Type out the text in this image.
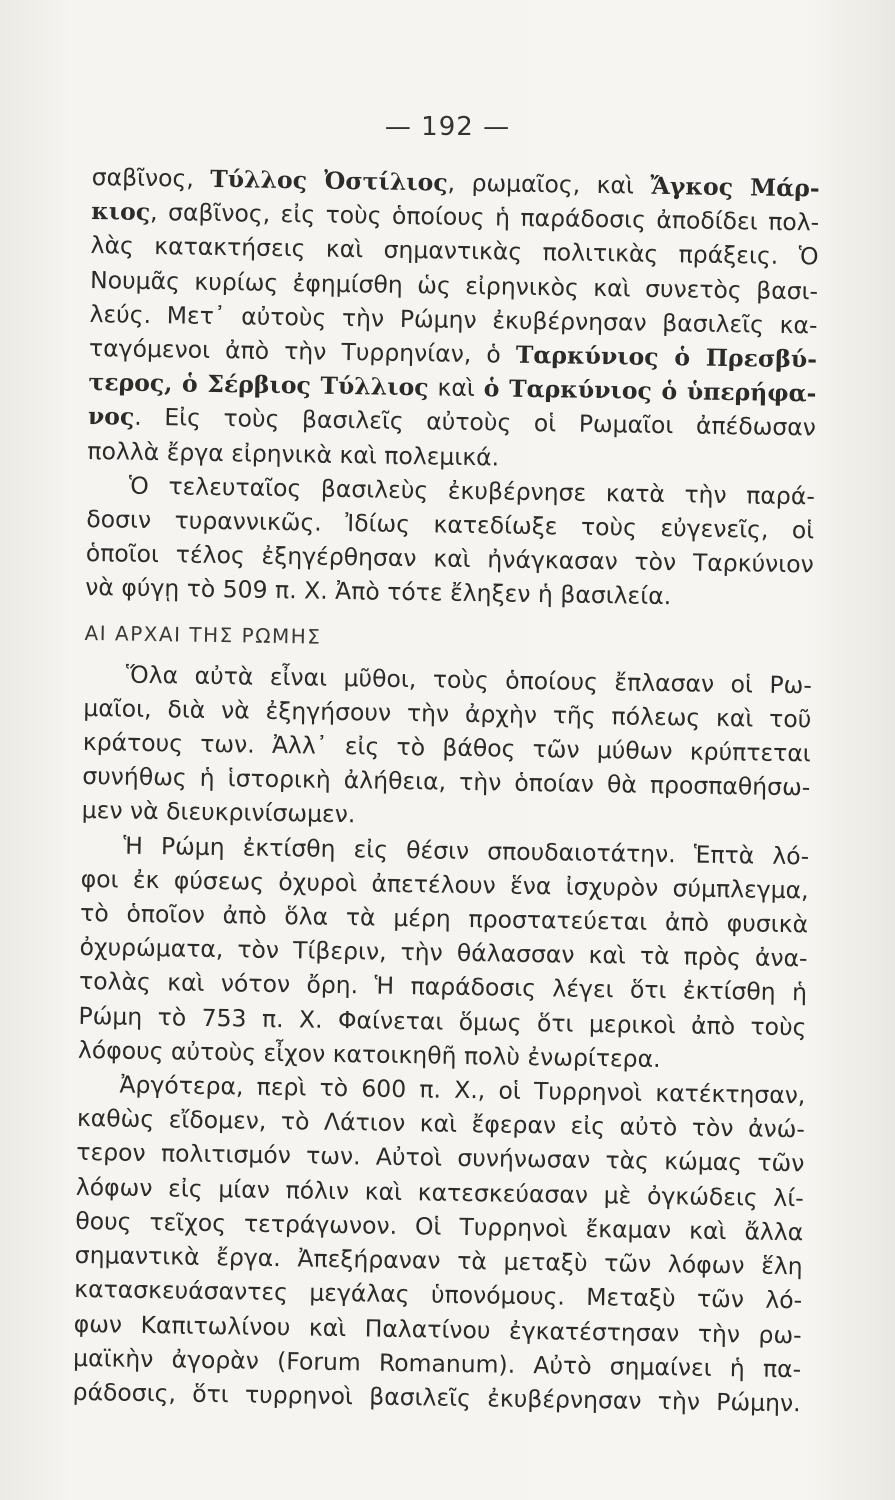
— 192 —
σαβῖνος, Τύλλος Ὀστίλιος, ρωμαῖος, καὶ Ἄγκος Μάρ-
κιος, σαβῖνος, εἰς τοὺς ὁποίους ἡ παράδοσις ἀποδίδει πολ-
λὰς κατακτήσεις καὶ σημαντικὰς πολιτικὰς πράξεις. Ὁ
Νουμᾶς κυρίως ἐφημίσθη ὡς εἰρηνικὸς καὶ συνετὸς βασι-
λεύς. Μετ᾽ αὐτοὺς τὴν Ρώμην ἐκυβέρνησαν βασιλεῖς κα-
ταγόμενοι ἀπὸ τὴν Τυρρηνίαν, ὁ Ταρκύνιος ὁ Πρεσβύ-
τερος, ὁ Σέρβιος Τύλλιος καὶ ὁ Ταρκύνιος ὁ ὑπερήφα-
νος. Εἰς τοὺς βασιλεῖς αὐτοὺς οἱ Ρωμαῖοι ἀπέδωσαν
πολλὰ ἔργα εἰρηνικὰ καὶ πολεμικά.
Ὁ τελευταῖος βασιλεὺς ἐκυβέρνησε κατὰ τὴν παρά-
δοσιν τυραννικῶς. Ἰδίως κατεδίωξε τοὺς εὐγενεῖς, οἱ
ὁποῖοι τέλος ἐξηγέρθησαν καὶ ἠνάγκασαν τὸν Ταρκύνιον
νὰ φύγῃ τὸ 509 π. Χ. Ἀπὸ τότε ἔληξεν ἡ βασιλεία.
ΑΙ ΑΡΧΑΙ ΤΗΣ ΡΩΜΗΣ
Ὅλα αὐτὰ εἶναι μῦθοι, τοὺς ὁποίους ἔπλασαν οἱ Ρω-
μαῖοι, διὰ νὰ ἐξηγήσουν τὴν ἀρχὴν τῆς πόλεως καὶ τοῦ
κράτους των. Ἀλλ᾽ εἰς τὸ βάθος τῶν μύθων κρύπτεται
συνήθως ἡ ἱστορικὴ ἀλήθεια, τὴν ὁποίαν θὰ προσπαθήσω-
μεν νὰ διευκρινίσωμεν.
Ἡ Ρώμη ἐκτίσθη εἰς θέσιν σπουδαιοτάτην. Ἑπτὰ λό-
φοι ἐκ φύσεως ὀχυροὶ ἀπετέλουν ἕνα ἰσχυρὸν σύμπλεγμα,
τὸ ὁποῖον ἀπὸ ὅλα τὰ μέρη προστατεύεται ἀπὸ φυσικὰ
ὀχυρώματα, τὸν Τίβεριν, τὴν θάλασσαν καὶ τὰ πρὸς ἀνα-
τολὰς καὶ νότον ὄρη. Ἡ παράδοσις λέγει ὅτι ἐκτίσθη ἡ
Ρώμη τὸ 753 π. Χ. Φαίνεται ὅμως ὅτι μερικοὶ ἀπὸ τοὺς
λόφους αὐτοὺς εἶχον κατοικηθῆ πολὺ ἐνωρίτερα.
Ἀργότερα, περὶ τὸ 600 π. Χ., οἱ Τυρρηνοὶ κατέκτησαν,
καθὼς εἴδομεν, τὸ Λάτιον καὶ ἔφεραν εἰς αὐτὸ τὸν ἀνώ-
τερον πολιτισμόν των. Αὐτοὶ συνήνωσαν τὰς κώμας τῶν
λόφων εἰς μίαν πόλιν καὶ κατεσκεύασαν μὲ ὀγκώδεις λί-
θους τεῖχος τετράγωνον. Οἱ Τυρρηνοὶ ἔκαμαν καὶ ἄλλα
σημαντικὰ ἔργα. Ἀπεξήραναν τὰ μεταξὺ τῶν λόφων ἕλη
κατασκευάσαντες μεγάλας ὑπονόμους. Μεταξὺ τῶν λό-
φων Καπιτωλίνου καὶ Παλατίνου ἐγκατέστησαν τὴν ρω-
μαϊκὴν ἀγορὰν (Forum Romanum). Αὐτὸ σημαίνει ἡ πα-
ράδοσις, ὅτι τυρρηνοὶ βασιλεῖς ἐκυβέρνησαν τὴν Ρώμην.
